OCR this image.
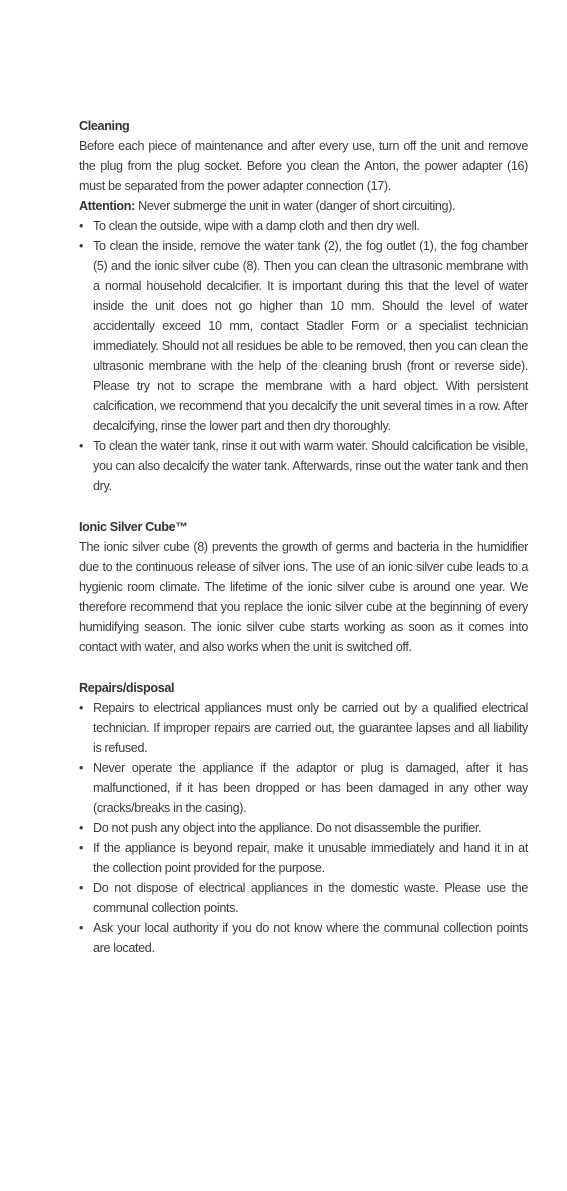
Cleaning

Before each piece of maintenance and after every use, turn off the unit and remove the plug from the plug socket. Before you clean the Anton, the power adapter (16) must be separated from the power adapter connection (17).

Attention: Never submerge the unit in water (danger of short circuiting).

• To clean the outside, wipe with a damp cloth and then dry well.
• To clean the inside, remove the water tank (2), the fog outlet (1), the fog chamber (5) and the ionic silver cube (8). Then you can clean the ultrasonic membrane with a normal household decalcifier. It is important during this that the level of water inside the unit does not go higher than 10 mm. Should the level of water accidentally exceed 10 mm, contact Stadler Form or a specialist technician immediately. Should not all residues be able to be removed, then you can clean the ultrasonic membrane with the help of the cleaning brush (front or reverse side). Please try not to scrape the membrane with a hard object. With persistent calcification, we recommend that you decalcify the unit several times in a row. After decalcifying, rinse the lower part and then dry thoroughly.
• To clean the water tank, rinse it out with warm water. Should calcification be visible, you can also decalcify the water tank. Afterwards, rinse out the water tank and then dry.

Ionic Silver Cube™

The ionic silver cube (8) prevents the growth of germs and bacteria in the humidifier due to the continuous release of silver ions. The use of an ionic silver cube leads to a hygienic room climate. The lifetime of the ionic silver cube is around one year. We therefore recommend that you replace the ionic silver cube at the beginning of every humidifying season. The ionic silver cube starts working as soon as it comes into contact with water, and also works when the unit is switched off.

Repairs/disposal

• Repairs to electrical appliances must only be carried out by a qualified electrical technician. If improper repairs are carried out, the guarantee lapses and all liability is refused.
• Never operate the appliance if the adaptor or plug is damaged, after it has malfunctioned, if it has been dropped or has been damaged in any other way (cracks/breaks in the casing).
• Do not push any object into the appliance. Do not disassemble the purifier.
• If the appliance is beyond repair, make it unusable immediately and hand it in at the collection point provided for the purpose.
• Do not dispose of electrical appliances in the domestic waste. Please use the communal collection points.
• Ask your local authority if you do not know where the communal collection points are located.
